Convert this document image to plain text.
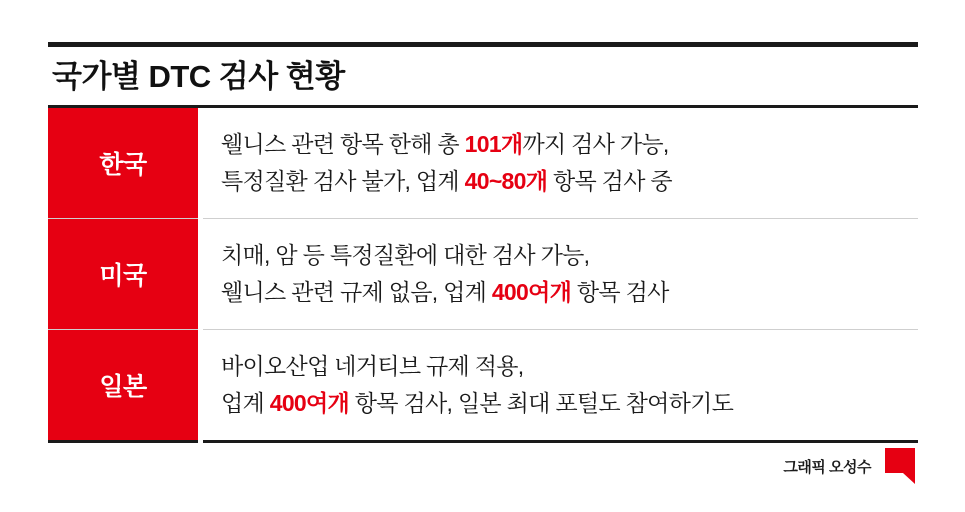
국가별 DTC 검사 현황
한국	웰니스 관련 항목 한해 총 101개까지 검사 가능,
특정질환 검사 불가, 업계 40~80개 항목 검사 중

미국	치매, 암 등 특정질환에 대한 검사 가능,
웰니스 관련 규제 없음, 업계 400여개 항목 검사

일본	바이오산업 네거티브 규제 적용,
업계 400여개 항목 검사, 일본 최대 포털도 참여하기도
그래픽 오성수
